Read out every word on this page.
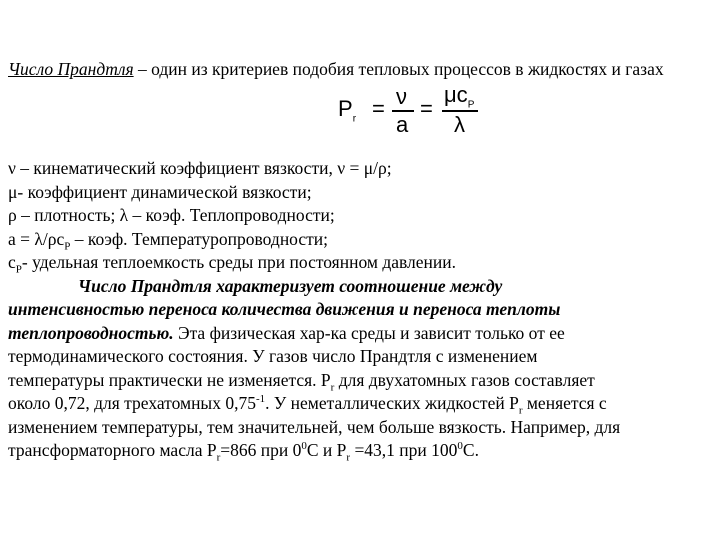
Число Прандтля – один из критериев подобия тепловых процессов в жидкостях и газах
$P_r = \nu$
a
=
$\mu c_P$
λ
ν – кинематический коэффициент вязкости, ν = μ/ρ;
μ- коэффициент динамической вязкости;
ρ – плотность; λ – коэф. Теплопроводности;
$a = \lambda/\rho c_P$ – коэф. Температуропроводности;
$c_P-$ удельная теплоемкость среды при постоянном давлении.
Число Прандтля характеризует соотношение между
интенсивностью переноса количества движения и переноса теплоты
теплопроводностью. Эта физическая хар-ка среды и зависит только от ее
термодинамического состояния. У газов число Прандтля с изменением
температуры практически не изменяется. $P_r$ для двухатомных газов составляет
около 0,72, для трехатомных $0,75^{-1}$. У неметаллических жидкостей $P_r$ меняется с
изменением температуры, тем значительней, чем больше вязкость. Например, для
трансформаторного масла $P_r=866$ при $0^0С$ и $P_r =43,1$ при $100^0С$.
